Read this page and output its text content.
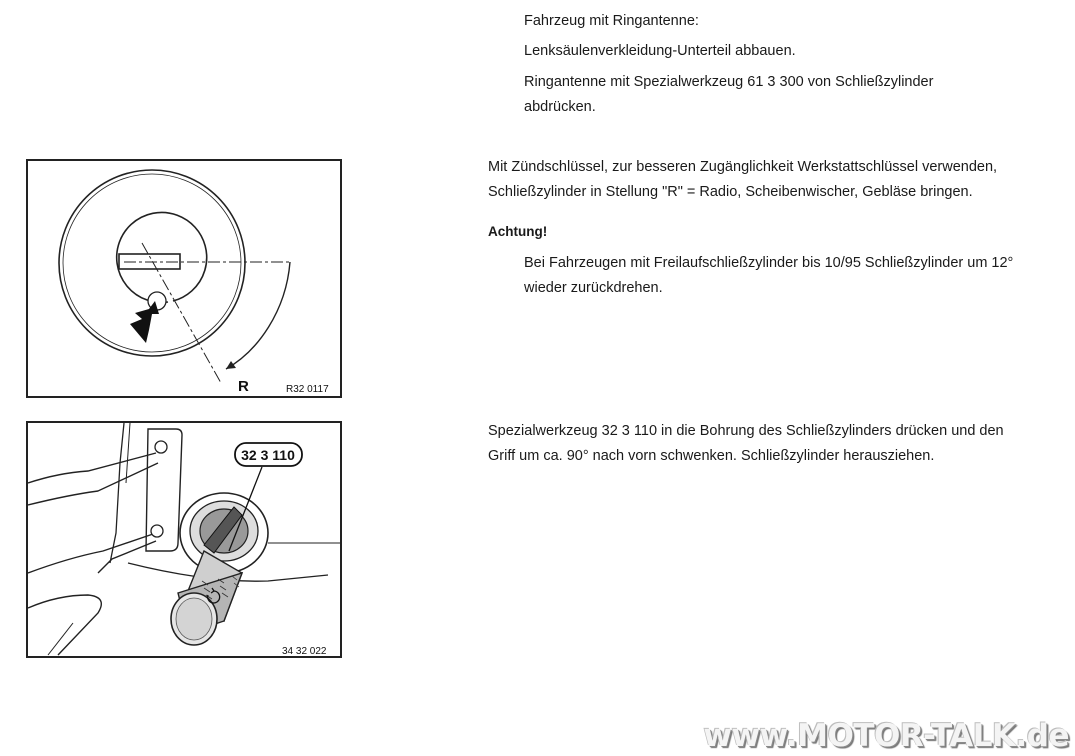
Fahrzeug mit Ringantenne:
Lenksäulenverkleidung-Unterteil abbauen.
Ringantenne mit Spezialwerkzeug 61 3 300 von Schließzylinder
abdrücken.
Mit Zündschlüssel, zur besseren Zugänglichkeit Werkstattschlüssel verwenden,
Schließzylinder in Stellung "R" = Radio, Scheibenwischer, Gebläse bringen.
Achtung!
Bei Fahrzeugen mit Freilaufschließzylinder bis 10/95 Schließzylinder um 12°
wieder zurückdrehen.
Spezialwerkzeug 32 3 110 in die Bohrung des Schließzylinders drücken und den
Griff um ca. 90° nach vorn schwenken. Schließzylinder herausziehen.
R	R32 0117
32 3 110
34 32 022
www.MOTOR-TALK.de
